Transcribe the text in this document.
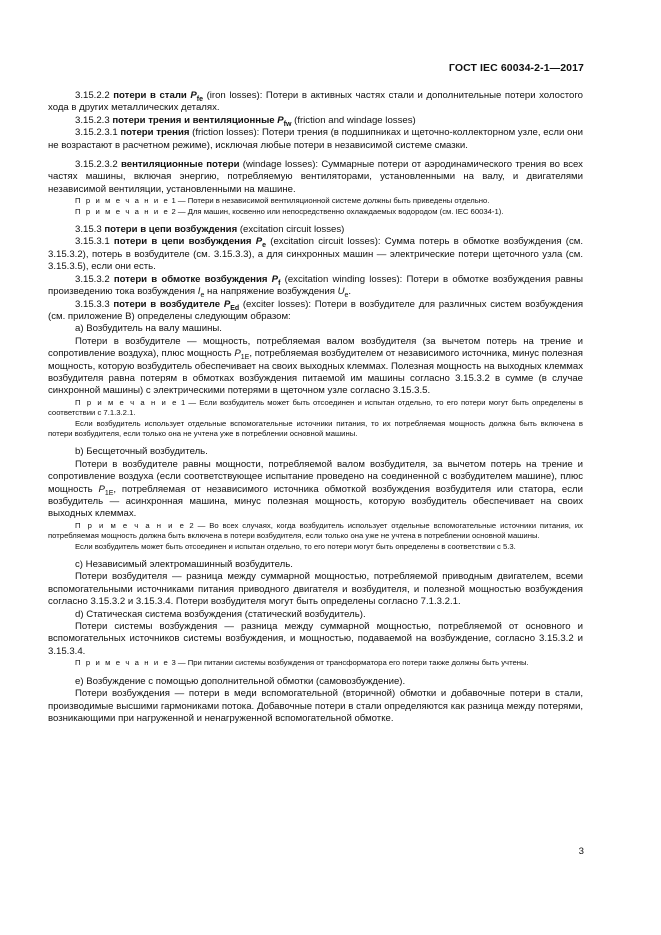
ГОСТ IEC 60034-2-1—2017

3.15.2.2 потери в стали $P_{fe}$ (iron losses): Потери в активных частях стали и дополнительные потери холостого хода в других металлических деталях.

3.15.2.3 потери трения и вентиляционные $P_{fw}$ (friction and windage losses)

3.15.2.3.1 потери трения (friction losses): Потери трения (в подшипниках и щеточно-коллекторном узле, если они не возрастают в расчетном режиме), исключая любые потери в независимой системе смазки.

3.15.2.3.2 вентиляционные потери (windage losses): Суммарные потери от аэродинамического трения во всех частях машины, включая энергию, потребляемую вентиляторами, установленными на валу, и двигателями независимой вентиляции, установленными на машине.

П р и м е ч а н и е 1 — Потери в независимой вентиляционной системе должны быть приведены отдельно.

П р и м е ч а н и е 2 — Для машин, косвенно или непосредственно охлаждаемых водородом (см. IEC 60034-1).

3.15.3 потери в цепи возбуждения (excitation circuit losses)

3.15.3.1 потери в цепи возбуждения $P_e$ (excitation circuit losses): Сумма потерь в обмотке возбуждения (см. 3.15.3.2), потерь в возбудителе (см. 3.15.3.3), а для синхронных машин — электрические потери щеточного узла (см. 3.15.3.5), если они есть.

3.15.3.2 потери в обмотке возбуждения $P_f$ (excitation winding losses): Потери в обмотке возбуждения равны произведению тока возбуждения $I_e$ на напряжение возбуждения $U_e$.

3.15.3.3 потери в возбудителе $P_{Ed}$ (exciter losses): Потери в возбудителе для различных систем возбуждения (см. приложение В) определены следующим образом:

a) Возбудитель на валу машины.

Потери в возбудителе — мощность, потребляемая валом возбудителя (за вычетом потерь на трение и сопротивление воздуха), плюс мощность $P_{1E}$, потребляемая возбудителем от независимого источника, минус полезная мощность, которую возбудитель обеспечивает на своих выходных клеммах. Полезная мощность на выходных клеммах возбудителя равна потерям в обмотках возбуждения питаемой им машины согласно 3.15.3.2 в сумме (в случае синхронной машины) с электрическими потерями в щеточном узле согласно 3.15.3.5.

П р и м е ч а н и е 1 — Если возбудитель может быть отсоединен и испытан отдельно, то его потери могут быть определены в соответствии с 7.1.3.2.1.

Если возбудитель использует отдельные вспомогательные источники питания, то их потребляемая мощность должна быть включена в потери возбудителя, если только она не учтена уже в потреблении основной машины.

b) Бесщеточный возбудитель.

Потери в возбудителе равны мощности, потребляемой валом возбудителя, за вычетом потерь на трение и сопротивление воздуха (если соответствующее испытание проведено на соединенной с возбудителем машине), плюс мощность $P_{1E}$, потребляемая от независимого источника обмоткой возбуждения возбудителя или статора, если возбудитель — асинхронная машина, минус полезная мощность, которую возбудитель обеспечивает на своих выходных клеммах.

П р и м е ч а н и е 2 — Во всех случаях, когда возбудитель использует отдельные вспомогательные источники питания, их потребляемая мощность должна быть включена в потери возбудителя, если только она уже не учтена в потреблении основной машины.

Если возбудитель может быть отсоединен и испытан отдельно, то его потери могут быть определены в соответствии с 5.3.

c) Независимый электромашинный возбудитель.

Потери возбудителя — разница между суммарной мощностью, потребляемой приводным двигателем, всеми вспомогательными источниками питания приводного двигателя и возбудителя, и полезной мощностью возбуждения согласно 3.15.3.2 и 3.15.3.4. Потери возбудителя могут быть определены согласно 7.1.3.2.1.

d) Статическая система возбуждения (статический возбудитель).

Потери системы возбуждения — разница между суммарной мощностью, потребляемой от основного и вспомогательных источников системы возбуждения, и мощностью, подаваемой на возбуждение, согласно 3.15.3.2 и 3.15.3.4.

П р и м е ч а н и е 3 — При питании системы возбуждения от трансформатора его потери также должны быть учтены.

e) Возбуждение с помощью дополнительной обмотки (самовозбуждение).

Потери возбуждения — потери в меди вспомогательной (вторичной) обмотки и добавочные потери в стали, производимые высшими гармониками потока. Добавочные потери в стали определяются как разница между потерями, возникающими при нагруженной и ненагруженной вспомогательной обмотке.

3
